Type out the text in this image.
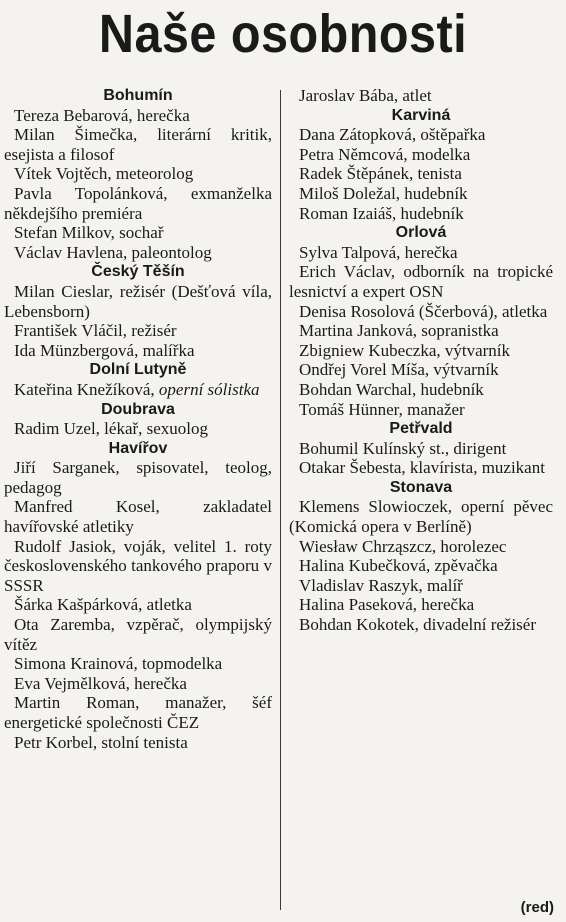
Naše osobnosti
Bohumín
Tereza Bebarová, herečka
Milan Šimečka, literární kritik, esejista a filosof
Vítek Vojtěch, meteorolog
Pavla Topolánková, exmanželka někdejšího premiéra
Stefan Milkov, sochař
Václav Havlena, paleontolog
Český Těšín
Milan Cieslar, režisér (Dešťová víla, Lebensborn)
František Vláčil, režisér
Ida Münzbergová, malířka
Dolní Lutyně
Kateřina Knežíková, operní sólistka
Doubrava
Radim Uzel, lékař, sexuolog
Havířov
Jiří Sarganek, spisovatel, teolog, pedagog
Manfred Kosel, zakladatel havířovské atletiky
Rudolf Jasiok, voják, velitel 1. roty československého tankového praporu v SSSR
Šárka Kašpárková, atletka
Ota Zaremba, vzpěrač, olympijský vítěz
Simona Krainová, topmodelka
Eva Vejmělková, herečka
Martin Roman, manažer, šéf energetické společnosti ČEZ
Petr Korbel, stolní tenista
Jaroslav Bába, atlet
Karviná
Dana Zátopková, oštěpařka
Petra Němcová, modelka
Radek Štěpánek, tenista
Miloš Doležal, hudebník
Roman Izaiáš, hudebník
Orlová
Sylva Talpová, herečka
Erich Václav, odborník na tropické lesnictví a expert OSN
Denisa Rosolová (Ščerbová), atletka
Martina Janková, sopranistka
Zbigniew Kubeczka, výtvarník
Ondřej Vorel Míša, výtvarník
Bohdan Warchal, hudebník
Tomáš Hünner, manažer
Petřvald
Bohumil Kulínský st., dirigent
Otakar Šebesta, klavírista, muzikant
Stonava
Klemens Slowioczek, operní pěvec (Komická opera v Berlíně)
Wiesław Chrząszcz, horolezec
Halina Kubečková, zpěvačka
Vladislav Raszyk, malíř
Halina Paseková, herečka
Bohdan Kokotek, divadelní režisér
(red)
